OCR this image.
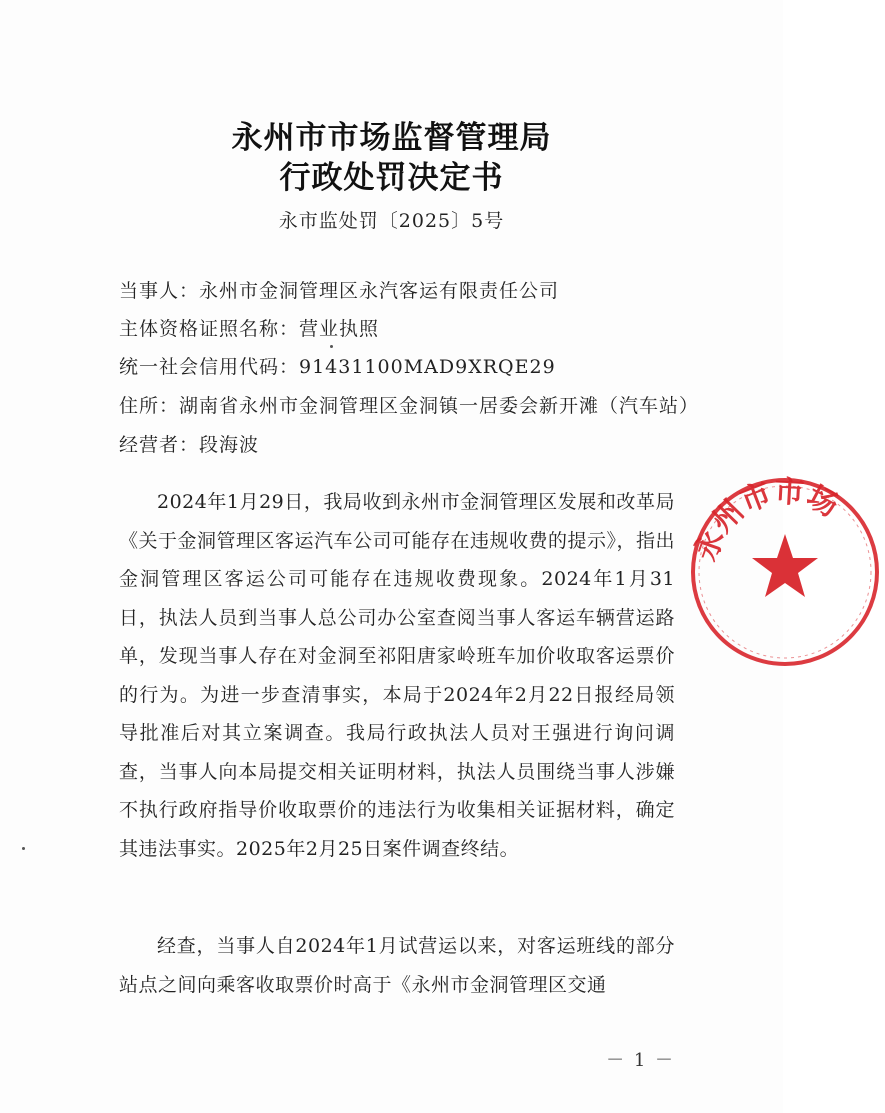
永州市市场监督管理局
行政处罚决定书
永市监处罚〔2025〕5号
当事人：永州市金洞管理区永汽客运有限责任公司
主体资格证照名称：营业执照
统一社会信用代码：91431100MAD9XRQE29
住所：湖南省永州市金洞管理区金洞镇一居委会新开滩（汽车站）
经营者：段海波
2024年1月29日，我局收到永州市金洞管理区发展和改革局《关于金洞管理区客运汽车公司可能存在违规收费的提示》，指出金洞管理区客运公司可能存在违规收费现象。2024年1月31日，执法人员到当事人总公司办公室查阅当事人客运车辆营运路单，发现当事人存在对金洞至祁阳唐家岭班车加价收取客运票价的行为。为进一步查清事实，本局于2024年2月22日报经局领导批准后对其立案调查。我局行政执法人员对王强进行询问调查，当事人向本局提交相关证明材料，执法人员围绕当事人涉嫌不执行政府指导价收取票价的违法行为收集相关证据材料，确定其违法事实。2025年2月25日案件调查终结。
经查，当事人自2024年1月试营运以来，对客运班线的部分站点之间向乘客收取票价时高于《永州市金洞管理区交通
永州市市场
－ 1 －
